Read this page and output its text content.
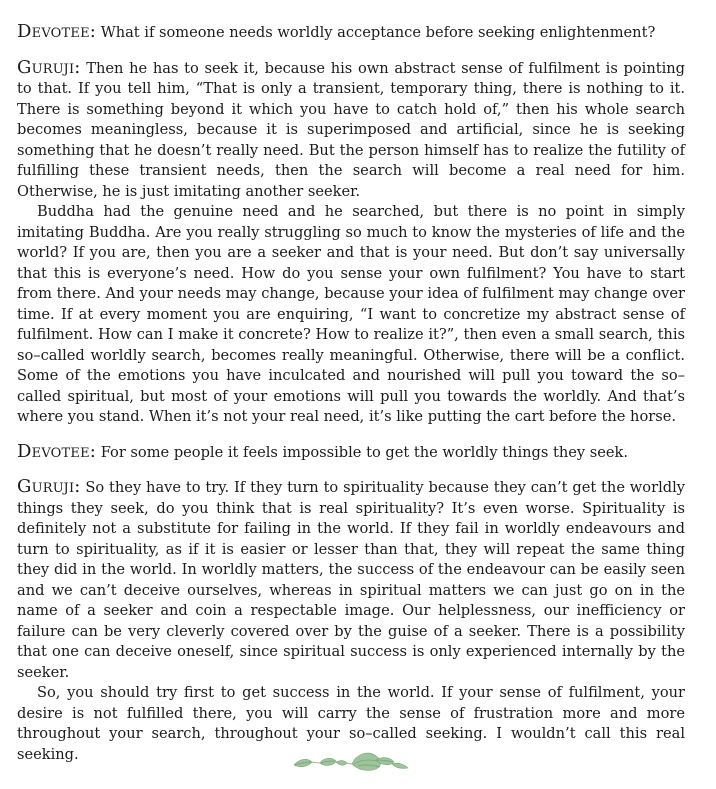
Devotee: What if someone needs worldly acceptance before seeking enlightenment?

Guruji: Then he has to seek it, because his own abstract sense of fulfilment is pointing to that. If you tell him, “That is only a transient, temporary thing, there is nothing to it. There is something beyond it which you have to catch hold of,” then his whole search becomes meaningless, because it is superimposed and artificial, since he is seeking something that he doesn’t really need. But the person himself has to realize the futility of fulfilling these transient needs, then the search will become a real need for him. Otherwise, he is just imitating another seeker.

Buddha had the genuine need and he searched, but there is no point in simply imitating Buddha. Are you really struggling so much to know the mysteries of life and the world? If you are, then you are a seeker and that is your need. But don’t say universally that this is everyone’s need. How do you sense your own fulfilment? You have to start from there. And your needs may change, because your idea of fulfilment may change over time. If at every moment you are enquiring, “I want to concretize my abstract sense of fulfilment. How can I make it concrete? How to realize it?”, then even a small search, this so–called worldly search, becomes really meaningful. Otherwise, there will be a conflict. Some of the emotions you have inculcated and nourished will pull you toward the so–called spiritual, but most of your emotions will pull you towards the worldly. And that’s where you stand. When it’s not your real need, it’s like putting the cart before the horse.

Devotee: For some people it feels impossible to get the worldly things they seek.

Guruji: So they have to try. If they turn to spirituality because they can’t get the worldly things they seek, do you think that is real spirituality? It’s even worse. Spirituality is definitely not a substitute for failing in the world. If they fail in worldly endeavours and turn to spirituality, as if it is easier or lesser than that, they will repeat the same thing they did in the world. In worldly matters, the success of the endeavour can be easily seen and we can’t deceive ourselves, whereas in spiritual matters we can just go on in the name of a seeker and coin a respectable image. Our helplessness, our inefficiency or failure can be very cleverly covered over by the guise of a seeker. There is a possibility that one can deceive oneself, since spiritual success is only experienced internally by the seeker.

So, you should try first to get success in the world. If your sense of fulfilment, your desire is not fulfilled there, you will carry the sense of frustration more and more throughout your search, throughout your so–called seeking. I wouldn’t call this real seeking.
